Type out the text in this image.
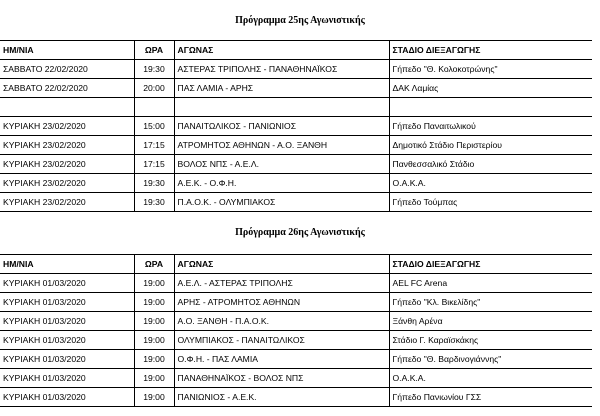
Πρόγραμμα 25ης Αγωνιστικής
ΗΜ/ΝΙΑ	ΩΡΑ	ΑΓΩΝΑΣ	ΣΤΑΔΙΟ ΔΙΕΞΑΓΩΓΗΣ
ΣΑΒΒΑΤΟ 22/02/2020	19:30	ΑΣΤΕΡΑΣ ΤΡΙΠΟΛΗΣ - ΠΑΝΑΘΗΝΑΪΚΟΣ	Γήπεδο "Θ. Κολοκοτρώνης"
ΣΑΒΒΑΤΟ 22/02/2020	20:00	ΠΑΣ ΛΑΜΙΑ - ΑΡΗΣ	ΔΑΚ Λαμίας

ΚΥΡΙΑΚΗ 23/02/2020	15:00	ΠΑΝΑΙΤΩΛΙΚΟΣ - ΠΑΝΙΩΝΙΟΣ	Γήπεδο Παναιτωλικού
ΚΥΡΙΑΚΗ 23/02/2020	17:15	ΑΤΡΟΜΗΤΟΣ ΑΘΗΝΩΝ - Α.Ο. ΞΑΝΘΗ	Δημοτικό Στάδιο Περιστερίου
ΚΥΡΙΑΚΗ 23/02/2020	17:15	ΒΟΛΟΣ ΝΠΣ - Α.Ε.Λ.	Πανθεσσαλικό Στάδιο
ΚΥΡΙΑΚΗ 23/02/2020	19:30	Α.Ε.Κ. - Ο.Φ.Η.	Ο.Α.Κ.Α.
ΚΥΡΙΑΚΗ 23/02/2020	19:30	Π.Α.Ο.Κ. - ΟΛΥΜΠΙΑΚΟΣ	Γήπεδο Τούμπας
Πρόγραμμα 26ης Αγωνιστικής
ΗΜ/ΝΙΑ	ΩΡΑ	ΑΓΩΝΑΣ	ΣΤΑΔΙΟ ΔΙΕΞΑΓΩΓΗΣ
ΚΥΡΙΑΚΗ 01/03/2020	19:00	Α.Ε.Λ. - ΑΣΤΕΡΑΣ ΤΡΙΠΟΛΗΣ	AEL FC Arena
ΚΥΡΙΑΚΗ 01/03/2020	19:00	ΑΡΗΣ - ΑΤΡΟΜΗΤΟΣ ΑΘΗΝΩΝ	Γήπεδο "Κλ. Βικελίδης"
ΚΥΡΙΑΚΗ 01/03/2020	19:00	Α.Ο. ΞΑΝΘΗ - Π.Α.Ο.Κ.	Ξάνθη Αρένα
ΚΥΡΙΑΚΗ 01/03/2020	19:00	ΟΛΥΜΠΙΑΚΟΣ - ΠΑΝΑΙΤΩΛΙΚΟΣ	Στάδιο Γ. Καραϊσκάκης
ΚΥΡΙΑΚΗ 01/03/2020	19:00	Ο.Φ.Η. - ΠΑΣ ΛΑΜΙΑ	Γήπεδο "Θ. Βαρδινογιάννης"
ΚΥΡΙΑΚΗ 01/03/2020	19:00	ΠΑΝΑΘΗΝΑΪΚΟΣ - ΒΟΛΟΣ ΝΠΣ	Ο.Α.Κ.Α.
ΚΥΡΙΑΚΗ 01/03/2020	19:00	ΠΑΝΙΩΝΙΟΣ - Α.Ε.Κ.	Γήπεδο Πανιωνίου ΓΣΣ
